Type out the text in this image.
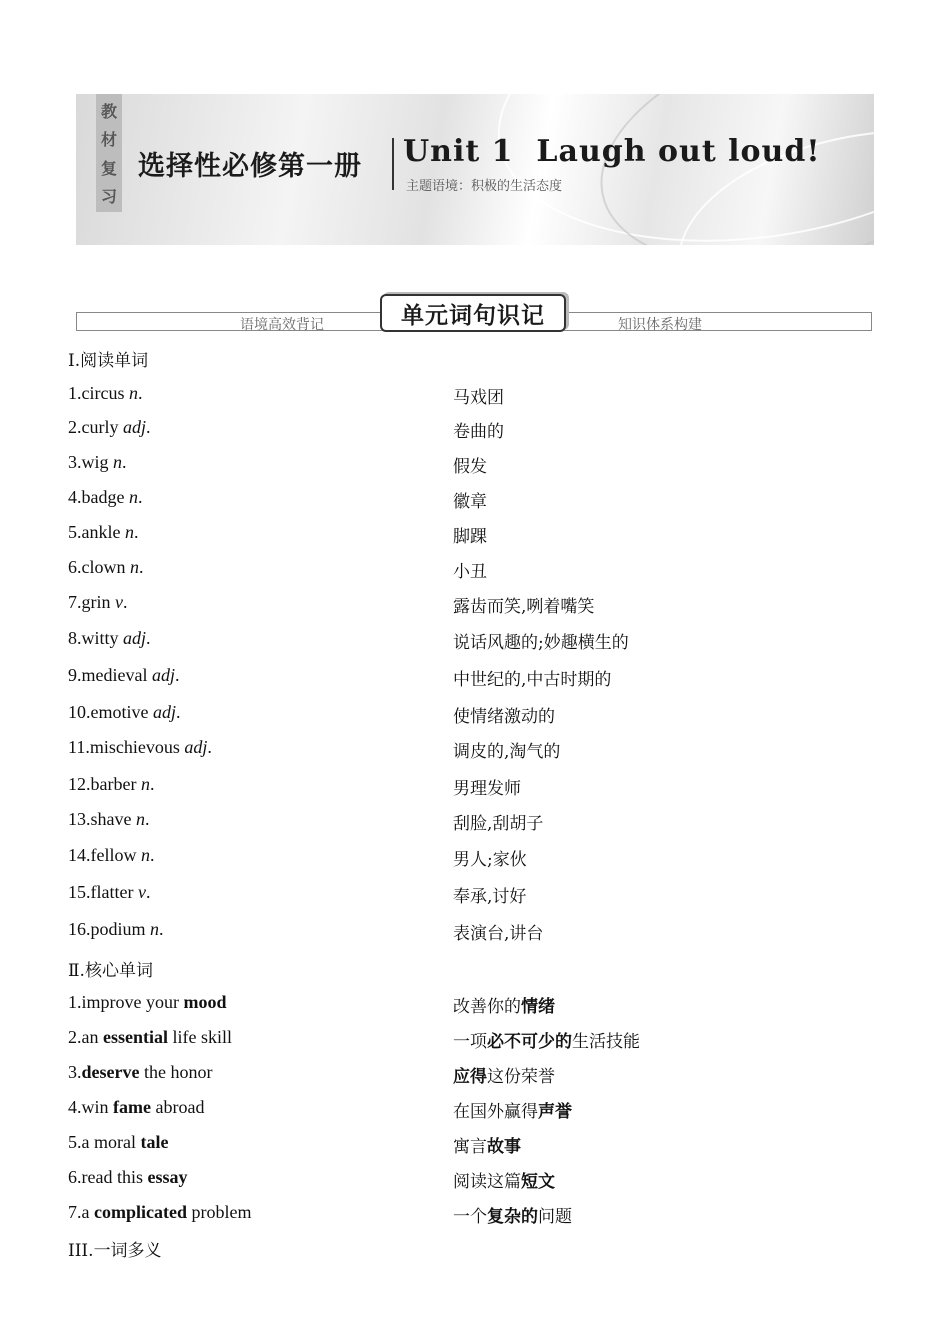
教
材
复
习
选择性必修第一册 Unit 1  Laugh out loud!
主题语境：积极的生活态度
语境高效背记	知识体系构建
单元词句识记
Ⅰ.阅读单词
1.circus n.	马戏团
2.curly adj.	卷曲的
3.wig n.	假发
4.badge n.	徽章
5.ankle n.	脚踝
6.clown n.	小丑
7.grin v.	露齿而笑,咧着嘴笑
8.witty adj.	说话风趣的;妙趣横生的
9.medieval adj.	中世纪的,中古时期的
10.emotive adj.	使情绪激动的
11.mischievous adj.	调皮的,淘气的
12.barber n.	男理发师
13.shave n.	刮脸,刮胡子
14.fellow n.	男人;家伙
15.flatter v.	奉承,讨好
16.podium n.	表演台,讲台
Ⅱ.核心单词
1.improve your mood	改善你的情绪
2.an essential life skill	一项必不可少的生活技能
3.deserve the honor	应得这份荣誉
4.win fame abroad	在国外赢得声誉
5.a moral tale	寓言故事
6.read this essay	阅读这篇短文
7.a complicated problem	一个复杂的问题
III.一词多义
